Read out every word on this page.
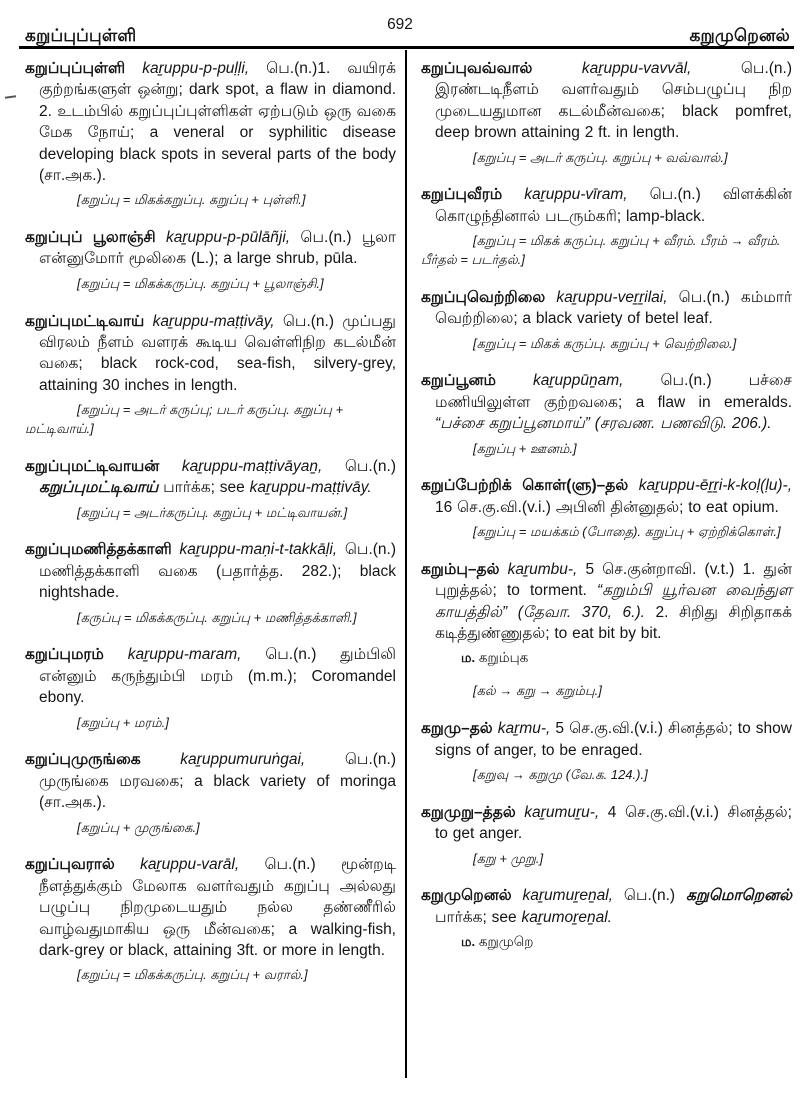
கறுப்புப்புள்ளி
692
கறுமுறெனல்

கறுப்புப்புள்ளி kaṟuppu-p-puḷḷi, பெ.(n.)1. வயிரக் குற்றங்களுள் ஒன்று; dark spot, a flaw in diamond. 2. உடம்பில் கறுப்புப்புள்ளிகள் ஏற்படும் ஒரு வகை மேக நோய்; a veneral or syphilitic disease developing black spots in several parts of the body (சா.அக.).

[கறுப்பு = மிகக்கறுப்பு. கறுப்பு + புள்ளி.]

கறுப்புப் பூலாஞ்சி kaṟuppu-p-pūlāñji, பெ.(n.) பூலா என்னுமோர் மூலிகை (L.); a large shrub, pūla.

[கறுப்பு = மிகக்கருப்பு. கறுப்பு + பூலாஞ்சி.]

கறுப்புமட்டிவாய் kaṟuppu-maṭṭivāy, பெ.(n.) முப்பது விரலம் நீளம் வளரக் கூடிய வெள்ளிநிற கடல்மீன் வகை; black rock-cod, sea-fish, silvery-grey, attaining 30 inches in length.

[கறுப்பு = அடர் கருப்பு; படர் கருப்பு. கறுப்பு + மட்டிவாய்.]

கறுப்புமட்டிவாயன் kaṟuppu-maṭṭivāyaṉ, பெ.(n.) கறுப்புமட்டிவாய் பார்க்க; see kaṟuppu-maṭṭivāy.

[கறுப்பு = அடர்கருப்பு. கறுப்பு + மட்டிவாயன்.]

கறுப்புமணித்தக்காளி kaṟuppu-maṇi-t-takkāḷi, பெ.(n.) மணித்தக்காளி வகை (பதார்த்த. 282.); black nightshade.

[கருப்பு = மிகக்கருப்பு. கறுப்பு + மணித்தக்காளி.]

கறுப்புமரம் kaṟuppu-maram, பெ.(n.) தும்பிலி என்னும் கருந்தும்பி மரம் (m.m.); Coromandel ebony.

[கறுப்பு + மரம்.]

கறுப்புமுருங்கை	kaṟuppumuruṅgai, பெ.(n.) முருங்கை மரவகை; a black variety of moringa (சா.அக.).

[கறுப்பு + முருங்கை.]

கறுப்புவரால் kaṟuppu-varāl, பெ.(n.) மூன்றடி நீளத்துக்கும் மேலாக வளர்வதும் கறுப்பு அல்லது பழுப்பு நிறமுடையதும் நல்ல தண்ணீரில் வாழ்வதுமாகிய ஒரு மீன்வகை; a walking-fish, dark-grey or black, attaining 3ft. or more in length.

[கறுப்பு = மிகக்கருப்பு. கறுப்பு + வரால்.]

கறுப்புவவ்வால்	kaṟuppu-vavvāl, பெ.(n.) இரண்டடிநீளம் வளர்வதும் செம்பழுப்பு நிற முடையதுமான கடல்மீன்வகை; black pomfret, deep brown attaining 2 ft. in length.

[கறுப்பு = அடர் கருப்பு. கறுப்பு + வவ்வால்.]

கறுப்புவீரம் kaṟuppu-vīram, பெ.(n.) விளக்கின் கொழுந்தினால் படரும்கரி; lamp-black.

[கறுப்பு = மிகக் கருப்பு. கறுப்பு + வீரம். பீரம் → வீரம். பீர்தல் = படர்தல்.]

கறுப்புவெற்றிலை kaṟuppu-veṟṟilai, பெ.(n.) கம்மார் வெற்றிலை; a black variety of betel leaf.

[கறுப்பு = மிகக் கருப்பு. கறுப்பு + வெற்றிலை.]

கறுப்பூனம் kaṟuppūṉam, பெ.(n.) பச்சை மணியிலுள்ள குற்றவகை; a flaw in emeralds. “பச்சை கறுப்பூனமாய்” (சரவண. பணவிடு. 206.).

[கறுப்பு + ஊனம்.]

கறுப்பேற்றிக் கொள்(ளு)–தல் kaṟuppu-ēṟṟi-k-koḷ(ḷu)-, 16 செ.கு.வி.(v.i.) அபினி தின்னுதல்; to eat opium.

[கறுப்பு = மயக்கம் (போதை). கறுப்பு + ஏற்றிக்கொள்.]

கறும்பு–தல் kaṟumbu-, 5 செ.குன்றாவி. (v.t.) 1. துன் புறுத்தல்; to torment. “கறும்பி யூர்வன வைந்துள காயத்தில்” (தேவா. 370, 6.). 2. சிறிது சிறிதாகக் கடித்துண்ணுதல்; to eat bit by bit.

ம. கறும்புக

[கல் → கறு → கறும்பு.]

கறுமு–தல் kaṟmu-, 5 செ.கு.வி.(v.i.) சினத்தல்; to show signs of anger, to be enraged.

[கறுவு → கறுமு (வே.க. 124.).]

கறுமுறு–த்தல் kaṟumuṟu-, 4 செ.கு.வி.(v.i.) சினத்தல்; to get anger.

[கறு + முறு.]

கறுமுறெனல் kaṟumuṟeṉal, பெ.(n.) கறுமொறெனல் பார்க்க; see kaṟumoṟeṉal.

ம. கறுமுறெ
